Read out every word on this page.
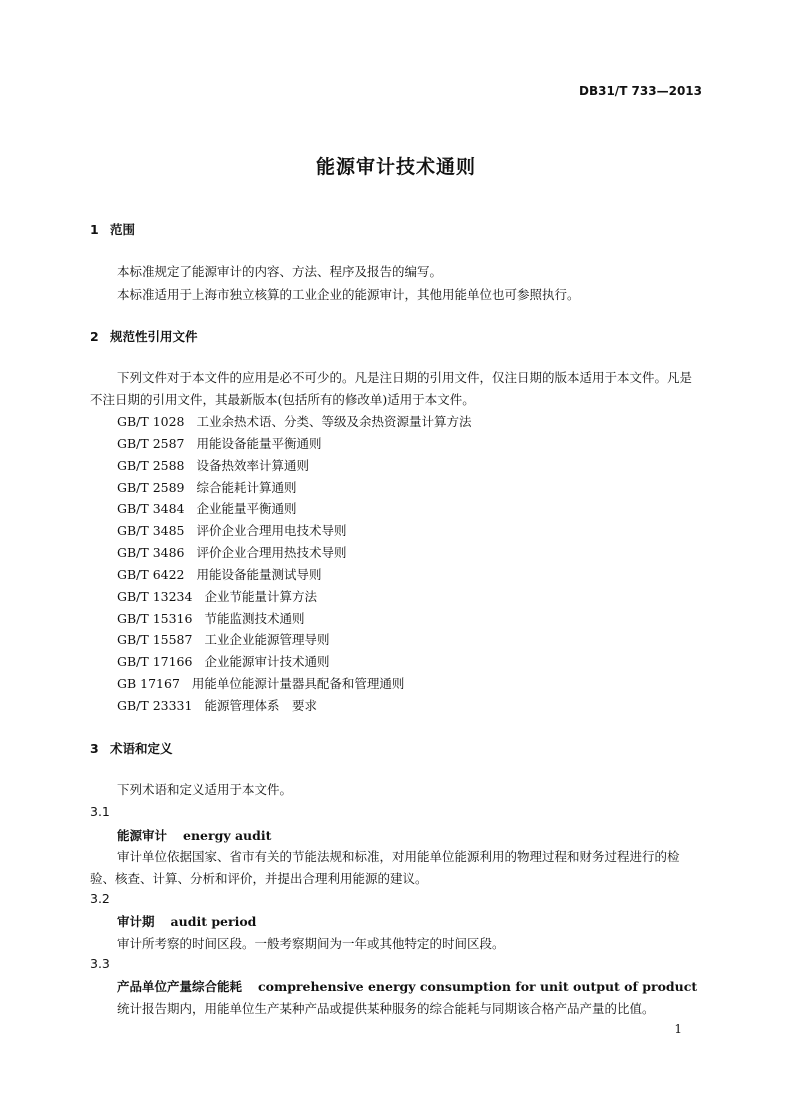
DB31/T 733—2013
能源审计技术通则
1 范围
本标准规定了能源审计的内容、方法、程序及报告的编写。
本标准适用于上海市独立核算的工业企业的能源审计，其他用能单位也可参照执行。
2 规范性引用文件
下列文件对于本文件的应用是必不可少的。凡是注日期的引用文件，仅注日期的版本适用于本文件。凡是不注日期的引用文件，其最新版本(包括所有的修改单)适用于本文件。
GB/T 1028 工业余热术语、分类、等级及余热资源量计算方法
GB/T 2587 用能设备能量平衡通则
GB/T 2588 设备热效率计算通则
GB/T 2589 综合能耗计算通则
GB/T 3484 企业能量平衡通则
GB/T 3485 评价企业合理用电技术导则
GB/T 3486 评价企业合理用热技术导则
GB/T 6422 用能设备能量测试导则
GB/T 13234 企业节能量计算方法
GB/T 15316 节能监测技术通则
GB/T 15587 工业企业能源管理导则
GB/T 17166 企业能源审计技术通则
GB 17167 用能单位能源计量器具配备和管理通则
GB/T 23331 能源管理体系　要求
3 术语和定义
下列术语和定义适用于本文件。
3.1
能源审计 energy audit
审计单位依据国家、省市有关的节能法规和标准，对用能单位能源利用的物理过程和财务过程进行的检验、核查、计算、分析和评价，并提出合理利用能源的建议。
3.2
审计期 audit period
审计所考察的时间区段。一般考察期间为一年或其他特定的时间区段。
3.3
产品单位产量综合能耗 comprehensive energy consumption for unit output of product
统计报告期内，用能单位生产某种产品或提供某种服务的综合能耗与同期该合格产品产量的比值。
1
